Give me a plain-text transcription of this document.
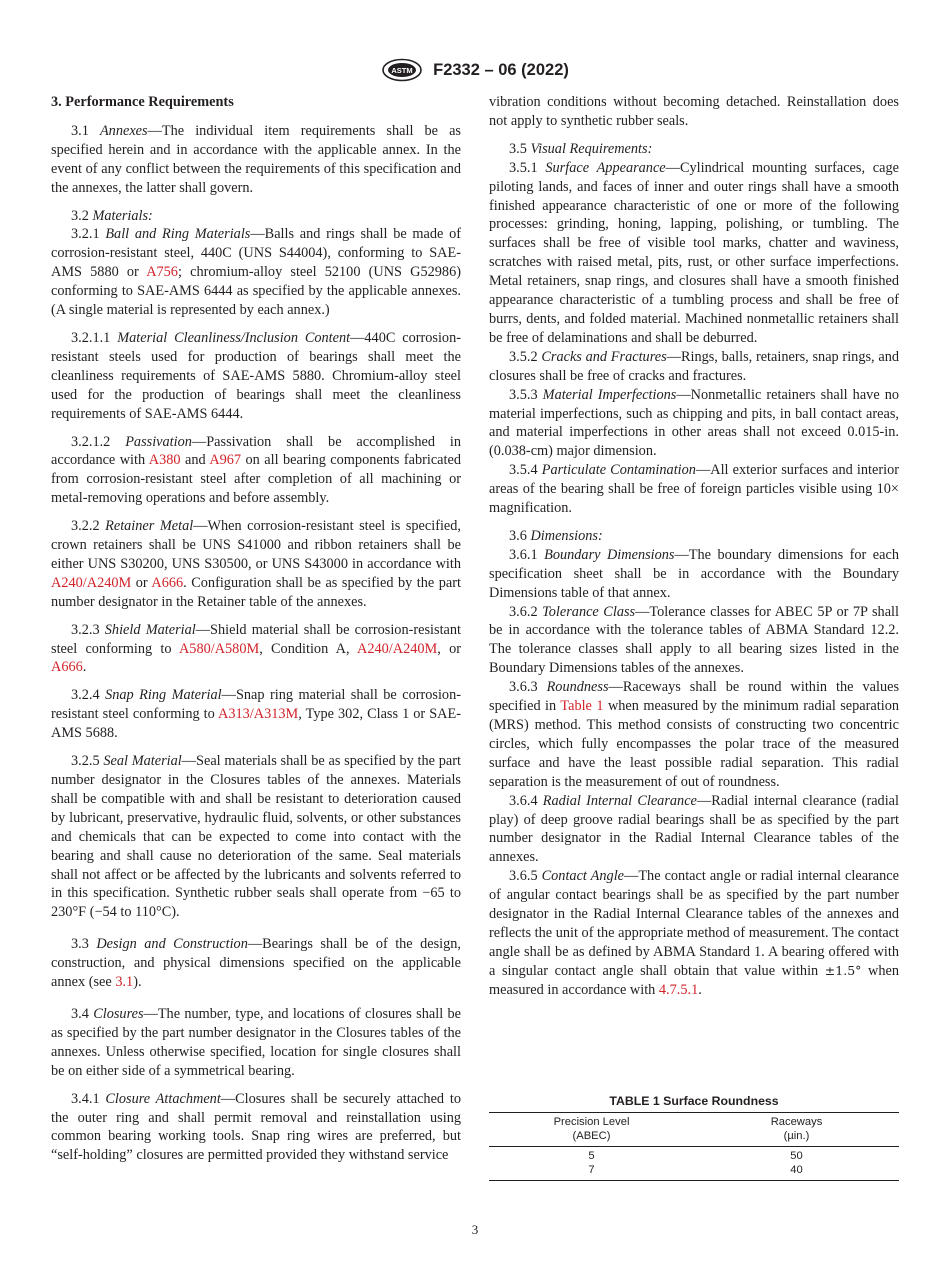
ASTM F2332 – 06 (2022)

3. Performance Requirements

3.1 Annexes—The individual item requirements shall be as specified herein and in accordance with the applicable annex. In the event of any conflict between the requirements of this specification and the annexes, the latter shall govern.

3.2 Materials:

3.2.1 Ball and Ring Materials—Balls and rings shall be made of corrosion-resistant steel, 440C (UNS S44004), conforming to SAE-AMS 5880 or A756; chromium-alloy steel 52100 (UNS G52986) conforming to SAE-AMS 6444 as specified by the applicable annexes. (A single material is represented by each annex.)

3.2.1.1 Material Cleanliness/Inclusion Content—440C corrosion-resistant steels used for production of bearings shall meet the cleanliness requirements of SAE-AMS 5880. Chromium-alloy steel used for the production of bearings shall meet the cleanliness requirements of SAE-AMS 6444.

3.2.1.2 Passivation—Passivation shall be accomplished in accordance with A380 and A967 on all bearing components fabricated from corrosion-resistant steel after completion of all machining or metal-removing operations and before assembly.

3.2.2 Retainer Metal—When corrosion-resistant steel is specified, crown retainers shall be UNS S41000 and ribbon retainers shall be either UNS S30200, UNS S30500, or UNS S43000 in accordance with A240/A240M or A666. Configuration shall be as specified by the part number designator in the Retainer table of the annexes.

3.2.3 Shield Material—Shield material shall be corrosion-resistant steel conforming to A580/A580M, Condition A, A240/A240M, or A666.

3.2.4 Snap Ring Material—Snap ring material shall be corrosion-resistant steel conforming to A313/A313M, Type 302, Class 1 or SAE-AMS 5688.

3.2.5 Seal Material—Seal materials shall be as specified by the part number designator in the Closures tables of the annexes. Materials shall be compatible with and shall be resistant to deterioration caused by lubricant, preservative, hydraulic fluid, solvents, or other substances and chemicals that can be expected to come into contact with the bearing and shall cause no deterioration of the same. Seal materials shall not affect or be affected by the lubricants and solvents referred to in this specification. Synthetic rubber seals shall operate from −65 to 230°F (−54 to 110°C).

3.3 Design and Construction—Bearings shall be of the design, construction, and physical dimensions specified on the applicable annex (see 3.1).

3.4 Closures—The number, type, and locations of closures shall be as specified by the part number designator in the Closures tables of the annexes. Unless otherwise specified, location for single closures shall be on either side of a symmetrical bearing.

3.4.1 Closure Attachment—Closures shall be securely attached to the outer ring and shall permit removal and reinstallation using common bearing working tools. Snap ring wires are preferred, but “self-holding” closures are permitted provided they withstand service

vibration conditions without becoming detached. Reinstallation does not apply to synthetic rubber seals.

3.5 Visual Requirements:

3.5.1 Surface Appearance—Cylindrical mounting surfaces, cage piloting lands, and faces of inner and outer rings shall have a smooth finished appearance characteristic of one or more of the following processes: grinding, honing, lapping, polishing, or tumbling. The surfaces shall be free of visible tool marks, chatter and waviness, scratches with raised metal, pits, rust, or other surface imperfections. Metal retainers, snap rings, and closures shall have a smooth finished appearance characteristic of a tumbling process and shall be free of burrs, dents, and folded material. Machined nonmetallic retainers shall be free of delaminations and shall be deburred.

3.5.2 Cracks and Fractures—Rings, balls, retainers, snap rings, and closures shall be free of cracks and fractures.

3.5.3 Material Imperfections—Nonmetallic retainers shall have no material imperfections, such as chipping and pits, in ball contact areas, and material imperfections in other areas shall not exceed 0.015-in. (0.038-cm) major dimension.

3.5.4 Particulate Contamination—All exterior surfaces and interior areas of the bearing shall be free of foreign particles visible using 10× magnification.

3.6 Dimensions:

3.6.1 Boundary Dimensions—The boundary dimensions for each specification sheet shall be in accordance with the Boundary Dimensions table of that annex.

3.6.2 Tolerance Class—Tolerance classes for ABEC 5P or 7P shall be in accordance with the tolerance tables of ABMA Standard 12.2. The tolerance classes shall apply to all bearing sizes listed in the Boundary Dimensions tables of the annexes.

3.6.3 Roundness—Raceways shall be round within the values specified in Table 1 when measured by the minimum radial separation (MRS) method. This method consists of constructing two concentric circles, which fully encompasses the polar trace of the measured surface and have the least possible radial separation. This radial separation is the measurement of out of roundness.

3.6.4 Radial Internal Clearance—Radial internal clearance (radial play) of deep groove radial bearings shall be as specified by the part number designator in the Radial Internal Clearance tables of the annexes.

3.6.5 Contact Angle—The contact angle or radial internal clearance of angular contact bearings shall be as specified by the part number designator in the Radial Internal Clearance tables of the annexes and reflects the unit of the appropriate method of measurement. The contact angle shall be as defined by ABMA Standard 1. A bearing offered with a singular contact angle shall obtain that value within ±1.5° when measured in accordance with 4.7.5.1.

TABLE 1 Surface Roundness
Precision Level
(ABEC)
Raceways
(µin.)
5	50
7	40
3
